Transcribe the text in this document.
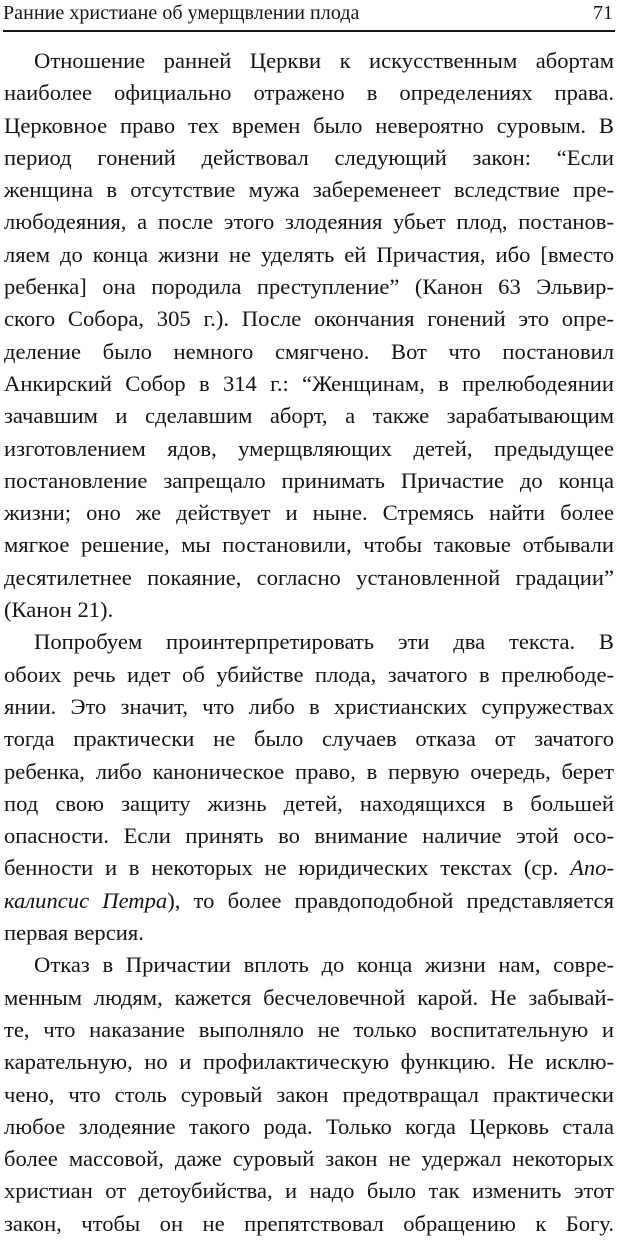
Ранние христиане об умерщвлении плода	71
Отношение ранней Церкви к искусственным абортам
наиболее официально отражено в определениях права.
Церковное право тех времен было невероятно суровым. В
период гонений действовал следующий закон: “Если
женщина в отсутствие мужа забеременеет вследствие пре-
любодеяния, а после этого злодеяния убьет плод, постанов-
ляем до конца жизни не уделять ей Причастия, ибо [вместо
ребенка] она породила преступление” (Канон 63 Эльвир-
ского Собора, 305 г.). После окончания гонений это опре-
деление было немного смягчено. Вот что постановил
Анкирский Собор в 314 г.: “Женщинам, в прелюбодеянии
зачавшим и сделавшим аборт, а также зарабатывающим
изготовлением ядов, умерщвляющих детей, предыдущее
постановление запрещало принимать Причастие до конца
жизни; оно же действует и ныне. Стремясь найти более
мягкое решение, мы постановили, чтобы таковые отбывали
десятилетнее покаяние, согласно установленной градации”
(Канон 21).
Попробуем проинтерпретировать эти два текста. В
обоих речь идет об убийстве плода, зачатого в прелюбоде-
янии. Это значит, что либо в христианских супружествах
тогда практически не было случаев отказа от зачатого
ребенка, либо каноническое право, в первую очередь, берет
под свою защиту жизнь детей, находящихся в большей
опасности. Если принять во внимание наличие этой осо-
бенности и в некоторых не юридических текстах (ср. Апо-
калипсис Петра), то более правдоподобной представляется
первая версия.
Отказ в Причастии вплоть до конца жизни нам, совре-
менным людям, кажется бесчеловечной карой. Не забывай-
те, что наказание выполняло не только воспитательную и
карательную, но и профилактическую функцию. Не исклю-
чено, что столь суровый закон предотвращал практически
любое злодеяние такого рода. Только когда Церковь стала
более массовой, даже суровый закон не удержал некоторых
христиан от детоубийства, и надо было так изменить этот
закон, чтобы он не препятствовал обращению к Богу.
